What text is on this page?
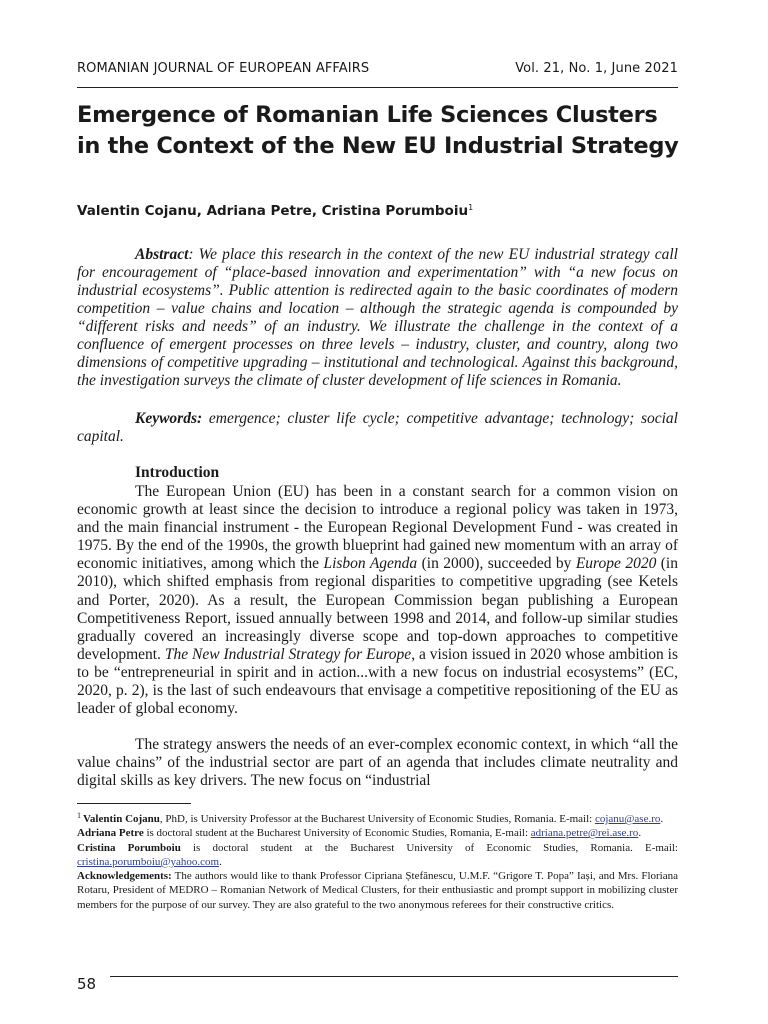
ROMANIAN JOURNAL OF EUROPEAN AFFAIRS	Vol. 21, No. 1, June 2021
Emergence of Romanian Life Sciences Clusters in the Context of the New EU Industrial Strategy

Valentin Cojanu, Adriana Petre, Cristina Porumboiu$^1$

Abstract: We place this research in the context of the new EU industrial strategy call for encouragement of “place-based innovation and experimentation” with “a new focus on industrial ecosystems”. Public attention is redirected again to the basic coordinates of modern competition – value chains and location – although the strategic agenda is compounded by “different risks and needs” of an industry. We illustrate the challenge in the context of a confluence of emergent processes on three levels – industry, cluster, and country, along two dimensions of competitive upgrading – institutional and technological. Against this background, the investigation surveys the climate of cluster development of life sciences in Romania.

Keywords: emergence; cluster life cycle; competitive advantage; technology; social capital.

Introduction

The European Union (EU) has been in a constant search for a common vision on economic growth at least since the decision to introduce a regional policy was taken in 1973, and the main financial instrument - the European Regional Development Fund - was created in 1975. By the end of the 1990s, the growth blueprint had gained new momentum with an array of economic initiatives, among which the Lisbon Agenda (in 2000), succeeded by Europe 2020 (in 2010), which shifted emphasis from regional disparities to competitive upgrading (see Ketels and Porter, 2020). As a result, the European Commission began publishing a European Competitiveness Report, issued annually between 1998 and 2014, and follow-up similar studies gradually covered an increasingly diverse scope and top-down approaches to competitive development. The New Industrial Strategy for Europe, a vision issued in 2020 whose ambition is to be “entrepreneurial in spirit and in action...with a new focus on industrial ecosystems” (EC, 2020, p. 2), is the last of such endeavours that envisage a competitive repositioning of the EU as leader of global economy.

The strategy answers the needs of an ever-complex economic context, in which “all the value chains” of the industrial sector are part of an agenda that includes climate neutrality and digital skills as key drivers. The new focus on “industrial

$^1$ Valentin Cojanu, PhD, is University Professor at the Bucharest University of Economic Studies, Romania. E-mail: cojanu@ase.ro.

Adriana Petre is doctoral student at the Bucharest University of Economic Studies, Romania, E-mail: adriana.petre@rei.ase.ro.

Cristina Porumboiu is doctoral student at the Bucharest University of Economic Studies, Romania. E-mail: cristina.porumboiu@yahoo.com.

Acknowledgements: The authors would like to thank Professor Cipriana Ștefănescu, U.M.F. “Grigore T. Popa” Iași, and Mrs. Floriana Rotaru, President of MEDRO – Romanian Network of Medical Clusters, for their enthusiastic and prompt support in mobilizing cluster members for the purpose of our survey. They are also grateful to the two anonymous referees for their constructive critics.

58
